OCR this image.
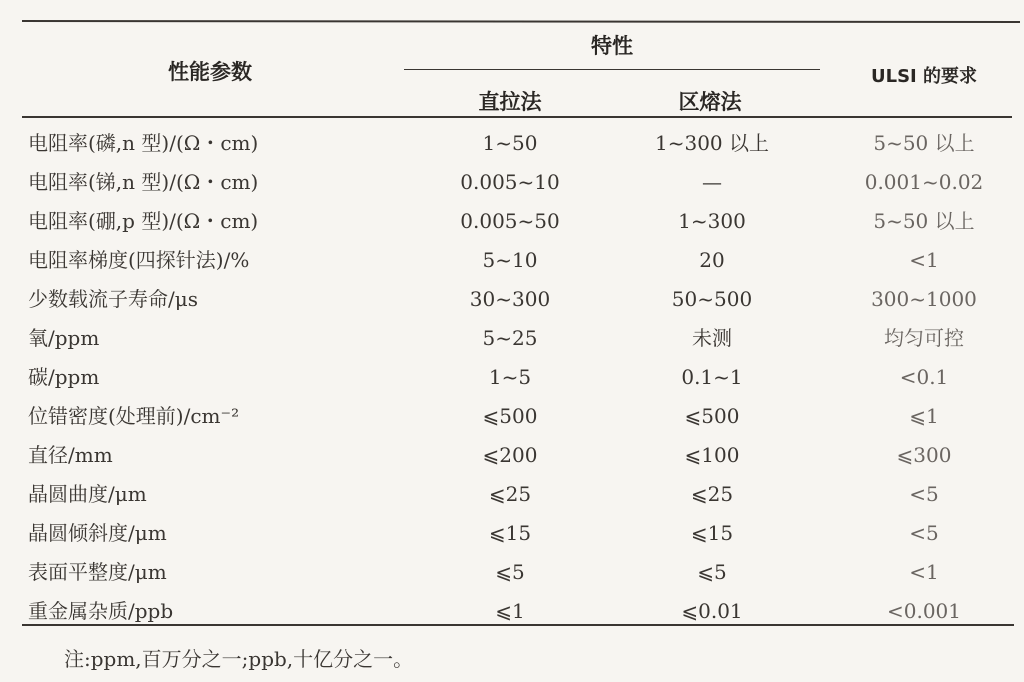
性能参数
特性
直拉法	区熔法
ULSI 的要求
电阻率(磷,n 型)/(Ω・cm)	1~50	1~300 以上	5~50 以上
电阻率(锑,n 型)/(Ω・cm)	0.005~10	—	0.001~0.02
电阻率(硼,p 型)/(Ω・cm)	0.005~50	1~300	5~50 以上
电阻率梯度(四探针法)/%	5~10	20	<1
少数载流子寿命/μs	30~300	50~500	300~1000
氧/ppm	5~25	未测	均匀可控
碳/ppm	1~5	0.1~1	<0.1
位错密度(处理前)/cm⁻²	⩽500	⩽500	⩽1
直径/mm	⩽200	⩽100	⩽300
晶圆曲度/μm	⩽25	⩽25	<5
晶圆倾斜度/μm	⩽15	⩽15	<5
表面平整度/μm	⩽5	⩽5	<1
重金属杂质/ppb	⩽1	⩽0.01	<0.001
注:ppm,百万分之一;ppb,十亿分之一。
